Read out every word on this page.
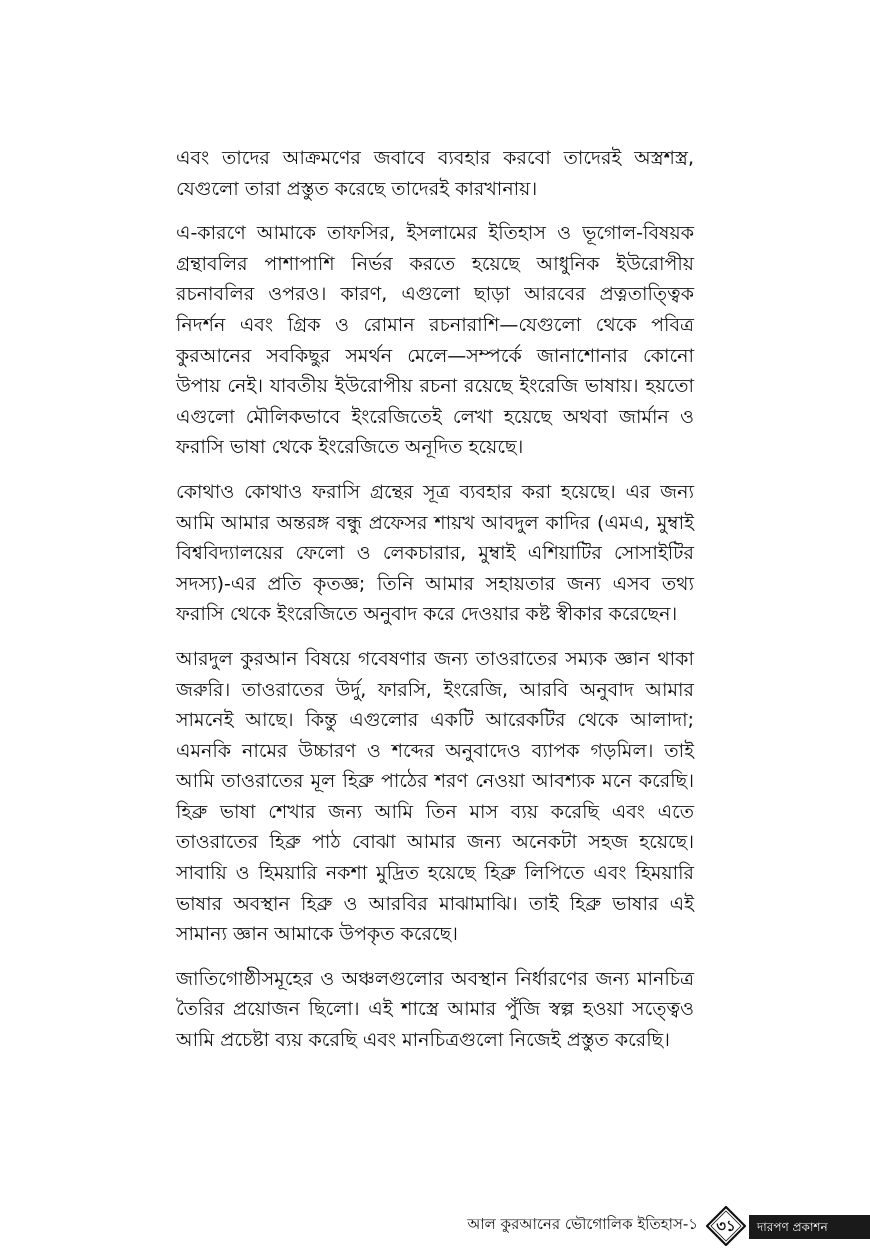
এবং তাদের আক্রমণের জবাবে ব্যবহার করবো তাদেরই অস্ত্রশস্ত্র, যেগুলো তারা প্রস্তুত করেছে তাদেরই কারখানায়।

এ-কারণে আমাকে তাফসির, ইসলামের ইতিহাস ও ভূগোল-বিষয়ক গ্রন্থাবলির পাশাপাশি নির্ভর করতে হয়েছে আধুনিক ইউরোপীয় রচনাবলির ওপরও। কারণ, এগুলো ছাড়া আরবের প্রত্নতাত্ত্বিক নিদর্শন এবং গ্রিক ও রোমান রচনারাশি—যেগুলো থেকে পবিত্র কুরআনের সবকিছুর সমর্থন মেলে—সম্পর্কে জানাশোনার কোনো উপায় নেই। যাবতীয় ইউরোপীয় রচনা রয়েছে ইংরেজি ভাষায়। হয়তো এগুলো মৌলিকভাবে ইংরেজিতেই লেখা হয়েছে অথবা জার্মান ও ফরাসি ভাষা থেকে ইংরেজিতে অনূদিত হয়েছে।

কোথাও কোথাও ফরাসি গ্রন্থের সূত্র ব্যবহার করা হয়েছে। এর জন্য আমি আমার অন্তরঙ্গ বন্ধু প্রফেসর শায়খ আবদুল কাদির (এমএ, মুম্বাই বিশ্ববিদ্যালয়ের ফেলো ও লেকচারার, মুম্বাই এশিয়াটির সোসাইটির সদস্য)-এর প্রতি কৃতজ্ঞ; তিনি আমার সহায়তার জন্য এসব তথ্য ফরাসি থেকে ইংরেজিতে অনুবাদ করে দেওয়ার কষ্ট স্বীকার করেছেন।

আরদুল কুরআন বিষয়ে গবেষণার জন্য তাওরাতের সম্যক জ্ঞান থাকা জরুরি। তাওরাতের উর্দু, ফারসি, ইংরেজি, আরবি অনুবাদ আমার সামনেই আছে। কিন্তু এগুলোর একটি আরেকটির থেকে আলাদা; এমনকি নামের উচ্চারণ ও শব্দের অনুবাদেও ব্যাপক গড়মিল। তাই আমি তাওরাতের মূল হিব্রু পাঠের শরণ নেওয়া আবশ্যক মনে করেছি। হিব্রু ভাষা শেখার জন্য আমি তিন মাস ব্যয় করেছি এবং এতে তাওরাতের হিব্রু পাঠ বোঝা আমার জন্য অনেকটা সহজ হয়েছে। সাবায়ি ও হিময়ারি নকশা মুদ্রিত হয়েছে হিব্রু লিপিতে এবং হিময়ারি ভাষার অবস্থান হিব্রু ও আরবির মাঝামাঝি। তাই হিব্রু ভাষার এই সামান্য জ্ঞান আমাকে উপকৃত করেছে।

জাতিগোষ্ঠীসমূহের ও অঞ্চলগুলোর অবস্থান নির্ধারণের জন্য মানচিত্র তৈরির প্রয়োজন ছিলো। এই শাস্ত্রে আমার পুঁজি স্বল্প হওয়া সত্ত্বেও আমি প্রচেষ্টা ব্যয় করেছি এবং মানচিত্রগুলো নিজেই প্রস্তুত করেছি।

আল কুরআনের ভৌগোলিক ইতিহাস-১	৩১	দারপণ প্রকাশন
